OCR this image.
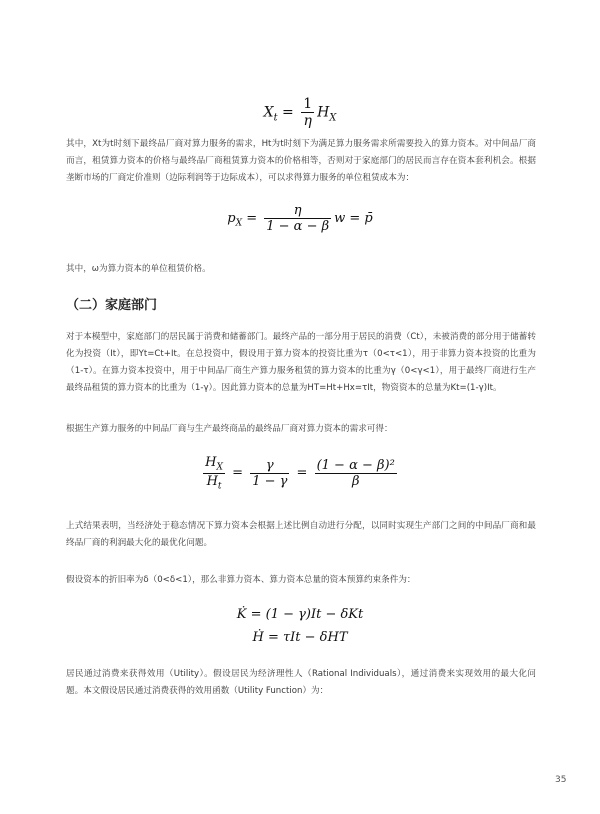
$X_t = \frac{1}{\eta} H_X$

其中，Xt为t时刻下最终品厂商对算力服务的需求，Ht为t时刻下为满足算力服务需求所需要投入的算力资本。对中间品厂商而言，租赁算力资本的价格与最终品厂商租赁算力资本的价格相等，否则对于家庭部门的居民而言存在资本套利机会。根据垄断市场的厂商定价准则（边际利润等于边际成本），可以求得算力服务的单位租赁成本为：

$p_X = \frac{\eta}{1 - \alpha - \beta}$ w = p̄

其中，ω为算力资本的单位租赁价格。

（二）家庭部门

对于本模型中，家庭部门的居民属于消费和储蓄部门。最终产品的一部分用于居民的消费（Ct），未被消费的部分用于储蓄转化为投资（It），即Yt=Ct+It。在总投资中，假设用于算力资本的投资比重为τ（0<τ<1），用于非算力资本投资的比重为（1-τ）。在算力资本投资中，用于中间品厂商生产算力服务租赁的算力资本的比重为γ（0<γ<1），用于最终厂商进行生产最终品租赁的算力资本的比重为（1-γ）。因此算力资本的总量为HT=Ht+Hx=τIt，物资资本的总量为Kt=(1-γ)It。

根据生产算力服务的中间品厂商与生产最终商品的最终品厂商对算力资本的需求可得：

$\frac{H_X}{H_t} = \frac{\gamma}{1 - \gamma} = \frac{\text{(1 − α − β)²}}{\beta}$

上式结果表明，当经济处于稳态情况下算力资本会根据上述比例自动进行分配，以同时实现生产部门之间的中间品厂商和最终品厂商的利润最大化的最优化问题。

假设资本的折旧率为δ（0<δ<1），那么非算力资本、算力资本总量的资本预算约束条件为：

K̇ = (1 − γ)It − δKt
Ḣ = τIt − δHT

居民通过消费来获得效用（Utility）。假设居民为经济理性人（Rational Individuals），通过消费来实现效用的最大化问题。本文假设居民通过消费获得的效用函数（Utility Function）为：

35
